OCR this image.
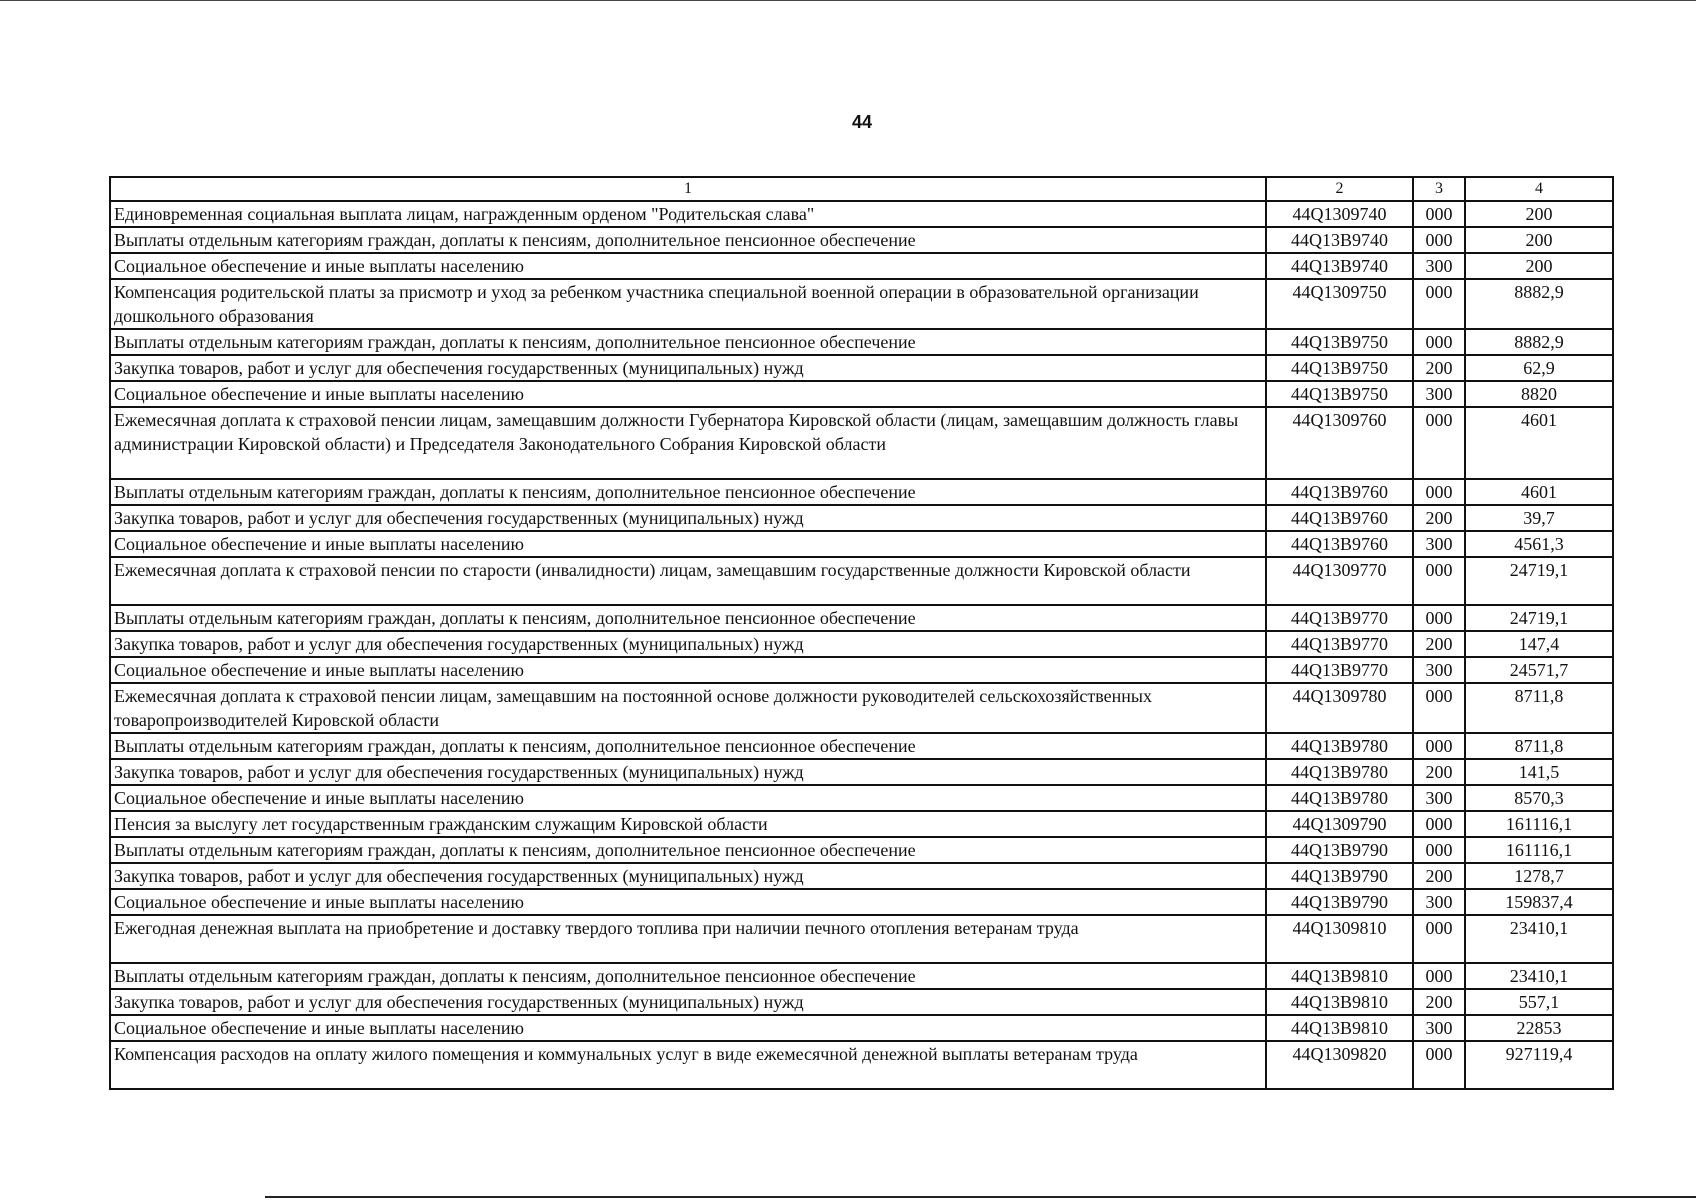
44
1	2	3	4
Единовременная социальная выплата лицам, награжденным орденом "Родительская слава"	44Q1309740	000	200
Выплаты отдельным категориям граждан, доплаты к пенсиям, дополнительное пенсионное обеспечение	44Q13B9740	000	200
Социальное обеспечение и иные выплаты населению	44Q13B9740	300	200
Компенсация родительской платы за присмотр и уход за ребенком участника специальной военной операции в образовательной организации дошкольного образования	44Q1309750	000	8882,9
Выплаты отдельным категориям граждан, доплаты к пенсиям, дополнительное пенсионное обеспечение	44Q13B9750	000	8882,9
Закупка товаров, работ и услуг для обеспечения государственных (муниципальных) нужд	44Q13B9750	200	62,9
Социальное обеспечение и иные выплаты населению	44Q13B9750	300	8820
Ежемесячная доплата к страховой пенсии лицам, замещавшим должности Губернатора Кировской области (лицам, замещавшим должность главы администрации Кировской области) и Председателя Законодательного Собрания Кировской области	44Q1309760	000	4601
Выплаты отдельным категориям граждан, доплаты к пенсиям, дополнительное пенсионное обеспечение	44Q13B9760	000	4601
Закупка товаров, работ и услуг для обеспечения государственных (муниципальных) нужд	44Q13B9760	200	39,7
Социальное обеспечение и иные выплаты населению	44Q13B9760	300	4561,3
Ежемесячная доплата к страховой пенсии по старости (инвалидности) лицам, замещавшим государственные должности Кировской области	44Q1309770	000	24719,1
Выплаты отдельным категориям граждан, доплаты к пенсиям, дополнительное пенсионное обеспечение	44Q13B9770	000	24719,1
Закупка товаров, работ и услуг для обеспечения государственных (муниципальных) нужд	44Q13B9770	200	147,4
Социальное обеспечение и иные выплаты населению	44Q13B9770	300	24571,7
Ежемесячная доплата к страховой пенсии лицам, замещавшим на постоянной основе должности руководителей сельскохозяйственных товаропроизводителей Кировской области	44Q1309780	000	8711,8
Выплаты отдельным категориям граждан, доплаты к пенсиям, дополнительное пенсионное обеспечение	44Q13B9780	000	8711,8
Закупка товаров, работ и услуг для обеспечения государственных (муниципальных) нужд	44Q13B9780	200	141,5
Социальное обеспечение и иные выплаты населению	44Q13B9780	300	8570,3
Пенсия за выслугу лет государственным гражданским служащим Кировской области	44Q1309790	000	161116,1
Выплаты отдельным категориям граждан, доплаты к пенсиям, дополнительное пенсионное обеспечение	44Q13B9790	000	161116,1
Закупка товаров, работ и услуг для обеспечения государственных (муниципальных) нужд	44Q13B9790	200	1278,7
Социальное обеспечение и иные выплаты населению	44Q13B9790	300	159837,4
Ежегодная денежная выплата на приобретение и доставку твердого топлива при наличии печного отопления ветеранам труда	44Q1309810	000	23410,1
Выплаты отдельным категориям граждан, доплаты к пенсиям, дополнительное пенсионное обеспечение	44Q13B9810	000	23410,1
Закупка товаров, работ и услуг для обеспечения государственных (муниципальных) нужд	44Q13B9810	200	557,1
Социальное обеспечение и иные выплаты населению	44Q13B9810	300	22853
Компенсация расходов на оплату жилого помещения и коммунальных услуг в виде ежемесячной денежной выплаты ветеранам труда	44Q1309820	000	927119,4
